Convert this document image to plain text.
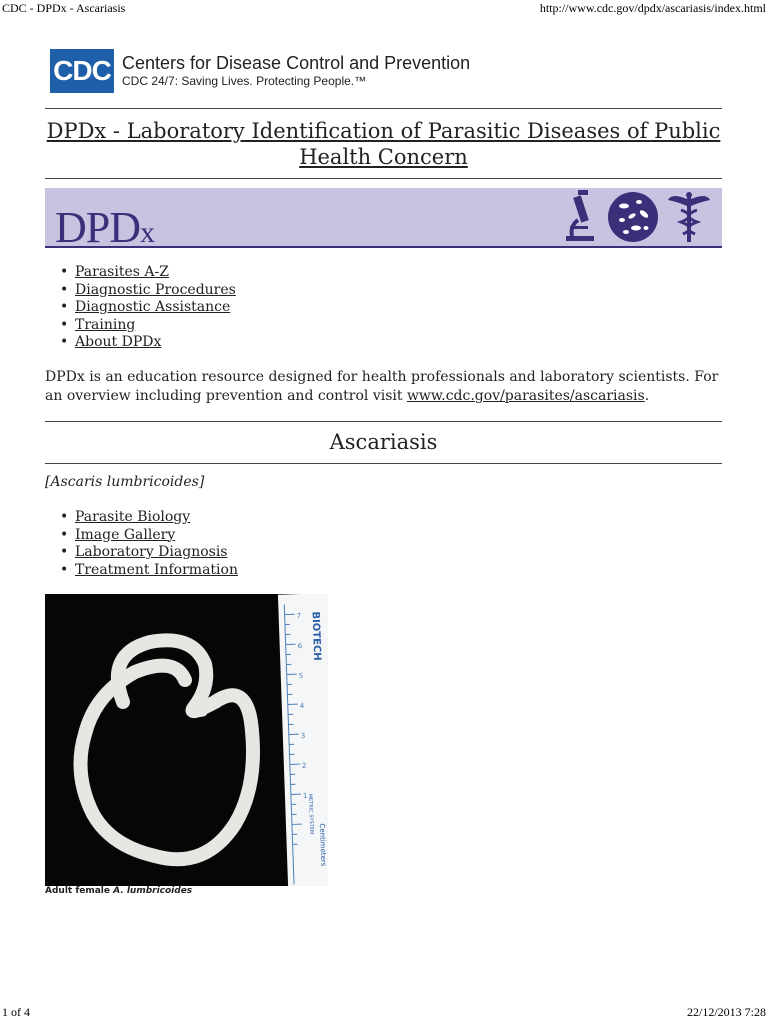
CDC - DPDx - Ascariasis	http://www.cdc.gov/dpdx/ascariasis/index.html
CDC Centers for Disease Control and Prevention
CDC 24/7: Saving Lives. Protecting People.™
DPDx - Laboratory Identification of Parasitic Diseases of Public Health Concern
DPDx
• Parasites A-Z
• Diagnostic Procedures
• Diagnostic Assistance
• Training
• About DPDx
DPDx is an education resource designed for health professionals and laboratory scientists. For an overview including prevention and control visit www.cdc.gov/parasites/ascariasis.
Ascariasis
[Ascaris lumbricoides]
• Parasite Biology
• Image Gallery
• Laboratory Diagnosis
• Treatment Information
7
6
5
4
3
2
1
BIOTECH
METRIC SYSTEM
Centimeters
Adult female A. lumbricoides
1 of 4	22/12/2013 7:28
